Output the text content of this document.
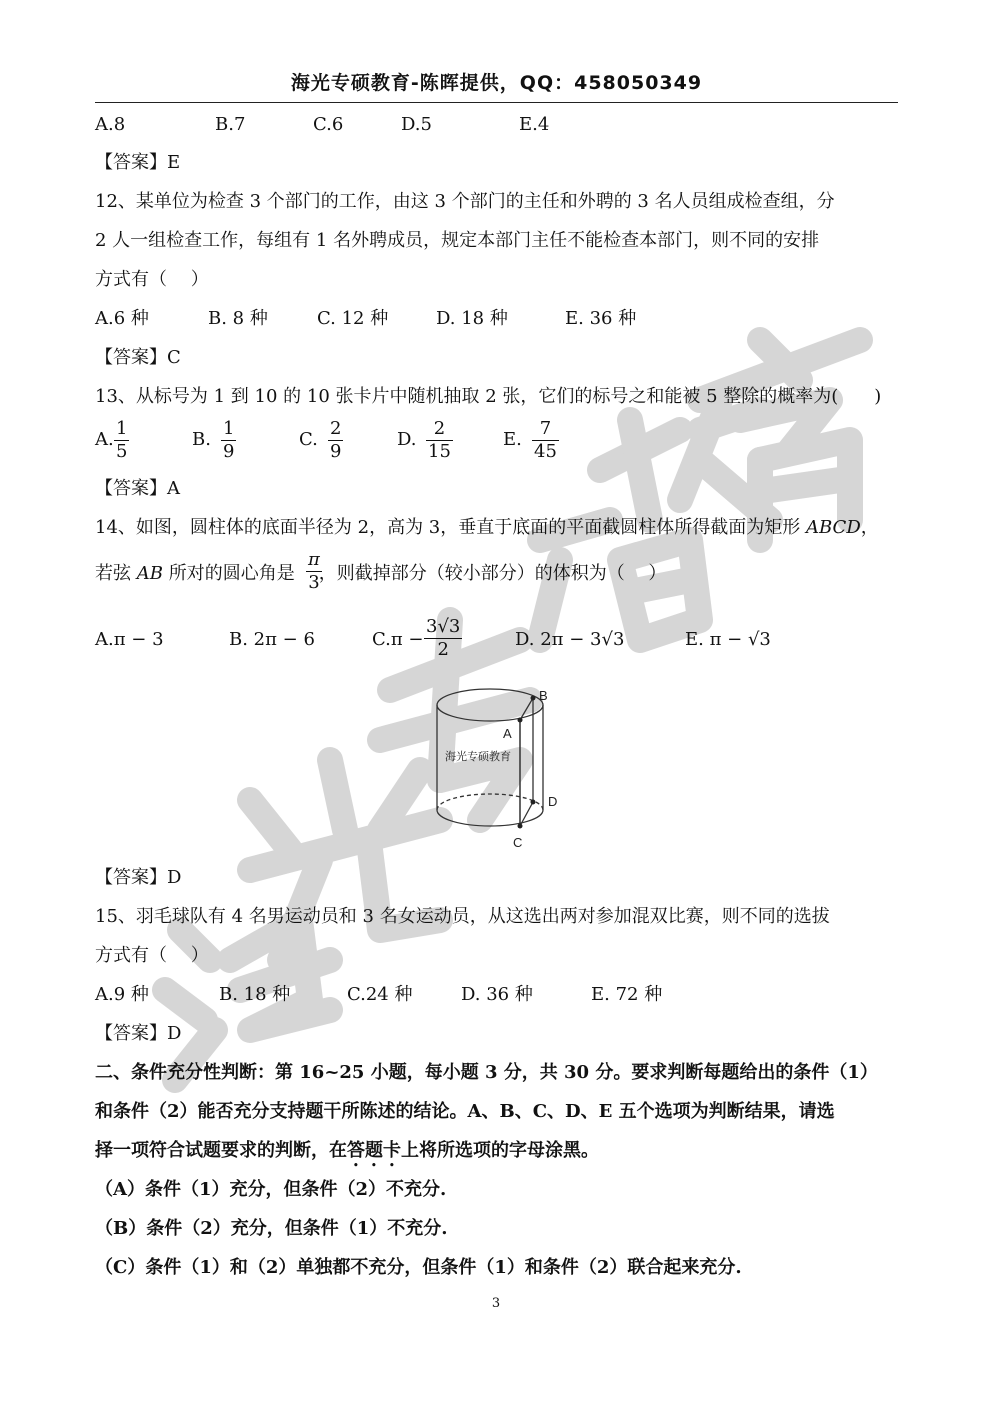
海光专硕教育-陈晖提供，QQ：458050349
A.8	B.7	C.6	D.5	E.4
【答案】E
12、某单位为检查 3 个部门的工作，由这 3 个部门的主任和外聘的 3 名人员组成检查组，分
2 人一组检查工作，每组有 1 名外聘成员，规定本部门主任不能检查本部门，则不同的安排
方式有（　 ）
A.6 种	B. 8 种	C. 12 种	D. 18 种	E. 36 种
【答案】C
13、从标号为 1 到 10 的 10 张卡片中随机抽取 2 张，它们的标号之和能被 5 整除的概率为(　　)
A. $\frac{1}{5}$	B. $\frac{1}{9}$	C. $\frac{2}{9}$	D. $\frac{2}{15}$	E. $\frac{7}{45}$
【答案】A
14、如图，圆柱体的底面半径为 2，高为 3，垂直于底面的平面截圆柱体所得截面为矩形 ABCD，
若弦 AB 所对的圆心角是 ，则截掉部分（较小部分）的体积为（　 ）
$\frac{\pi}{3}$
A.π − 3	B. 2π − 6	$C.\pi - \frac{3√3}{2}$	D. 2π − 3√3	E. π − √3
B
A
D
C
海光专硕教育
【答案】D
15、羽毛球队有 4 名男运动员和 3 名女运动员，从这选出两对参加混双比赛，则不同的选拔
方式有（　 ）
A.9 种	B. 18 种	C.24 种	D. 36 种	E. 72 种
【答案】D
二、条件充分性判断：第 16~25 小题，每小题 3 分，共 30 分。要求判断每题给出的条件（1）
和条件（2）能否充分支持题干所陈述的结论。A、B、C、D、E 五个选项为判断结果，请选
择一项符合试题要求的判断，在答题卡上将所选项的字母涂黑。
（A）条件（1）充分，但条件（2）不充分.
（B）条件（2）充分，但条件（1）不充分.
（C）条件（1）和（2）单独都不充分，但条件（1）和条件（2）联合起来充分.
3
